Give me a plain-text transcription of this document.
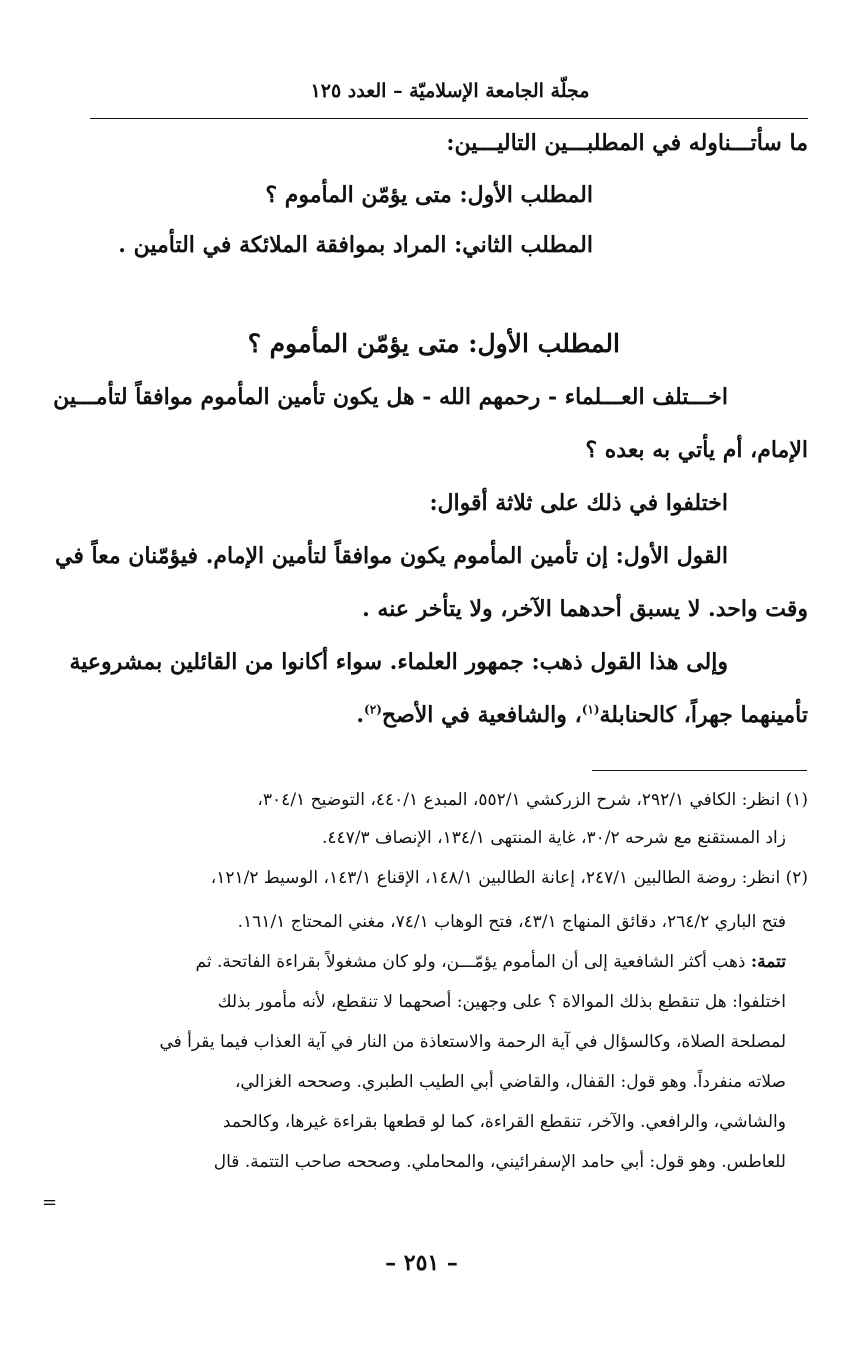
مجلّة الجامعة الإسلاميّة – العدد ١٢٥
ما سأتـــناوله في المطلبـــين التاليـــين:
المطلب الأول: متى يؤمّن المأموم ؟
المطلب الثاني: المراد بموافقة الملائكة في التأمين .
المطلب الأول: متى يؤمّن المأموم ؟
اخـــتلف العـــلماء - رحمهم الله - هل يكون تأمين المأموم موافقاً لتأمـــين
الإمام، أم يأتي به بعده ؟
اختلفوا في ذلك على ثلاثة أقوال:
القول الأول: إن تأمين المأموم يكون موافقاً لتأمين الإمام. فيؤمّنان معاً في
وقت واحد. لا يسبق أحدهما الآخر، ولا يتأخر عنه .
وإلى هذا القول ذهب: جمهور العلماء. سواء أكانوا من القائلين بمشروعية
تأمينهما جهراً، كالحنابلة$^{(١)}$، والشافعية في الأصح$^{(٢)}$.
(١) انظر: الكافي ٢٩٢/١، شرح الزركشي ٥٥٢/١، المبدع ٤٤٠/١، التوضيح ٣٠٤/١،
زاد المستقنع مع شرحه ٣٠/٢، غاية المنتهى ١٣٤/١، الإنصاف ٤٤٧/٣.
(٢) انظر: روضة الطالبين ٢٤٧/١، إعانة الطالبين ١٤٨/١، الإقناع ١٤٣/١، الوسيط ١٢١/٢،
فتح الباري ٢٦٤/٢، دقائق المنهاج ٤٣/١، فتح الوهاب ٧٤/١، مغني المحتاج ١٦١/١.
تتمة: ذهب أكثر الشافعية إلى أن المأموم يؤمّـــن، ولو كان مشغولاً بقراءة الفاتحة. ثم
اختلفوا: هل تنقطع بذلك الموالاة ؟ على وجهين: أصحهما لا تنقطع، لأنه مأمور بذلك
لمصلحة الصلاة، وكالسؤال في آية الرحمة والاستعاذة من النار في آية العذاب فيما يقرأ في
صلاته منفرداً. وهو قول: القفال، والقاضي أبي الطيب الطبري. وصححه الغزالي،
والشاشي، والرافعي. والآخر، تنقطع القراءة، كما لو قطعها بقراءة غيرها، وكالحمد
للعاطس. وهو قول: أبي حامد الإسفرائيني، والمحاملي. وصححه صاحب التتمة. قال
=
– ٢٥١ –
